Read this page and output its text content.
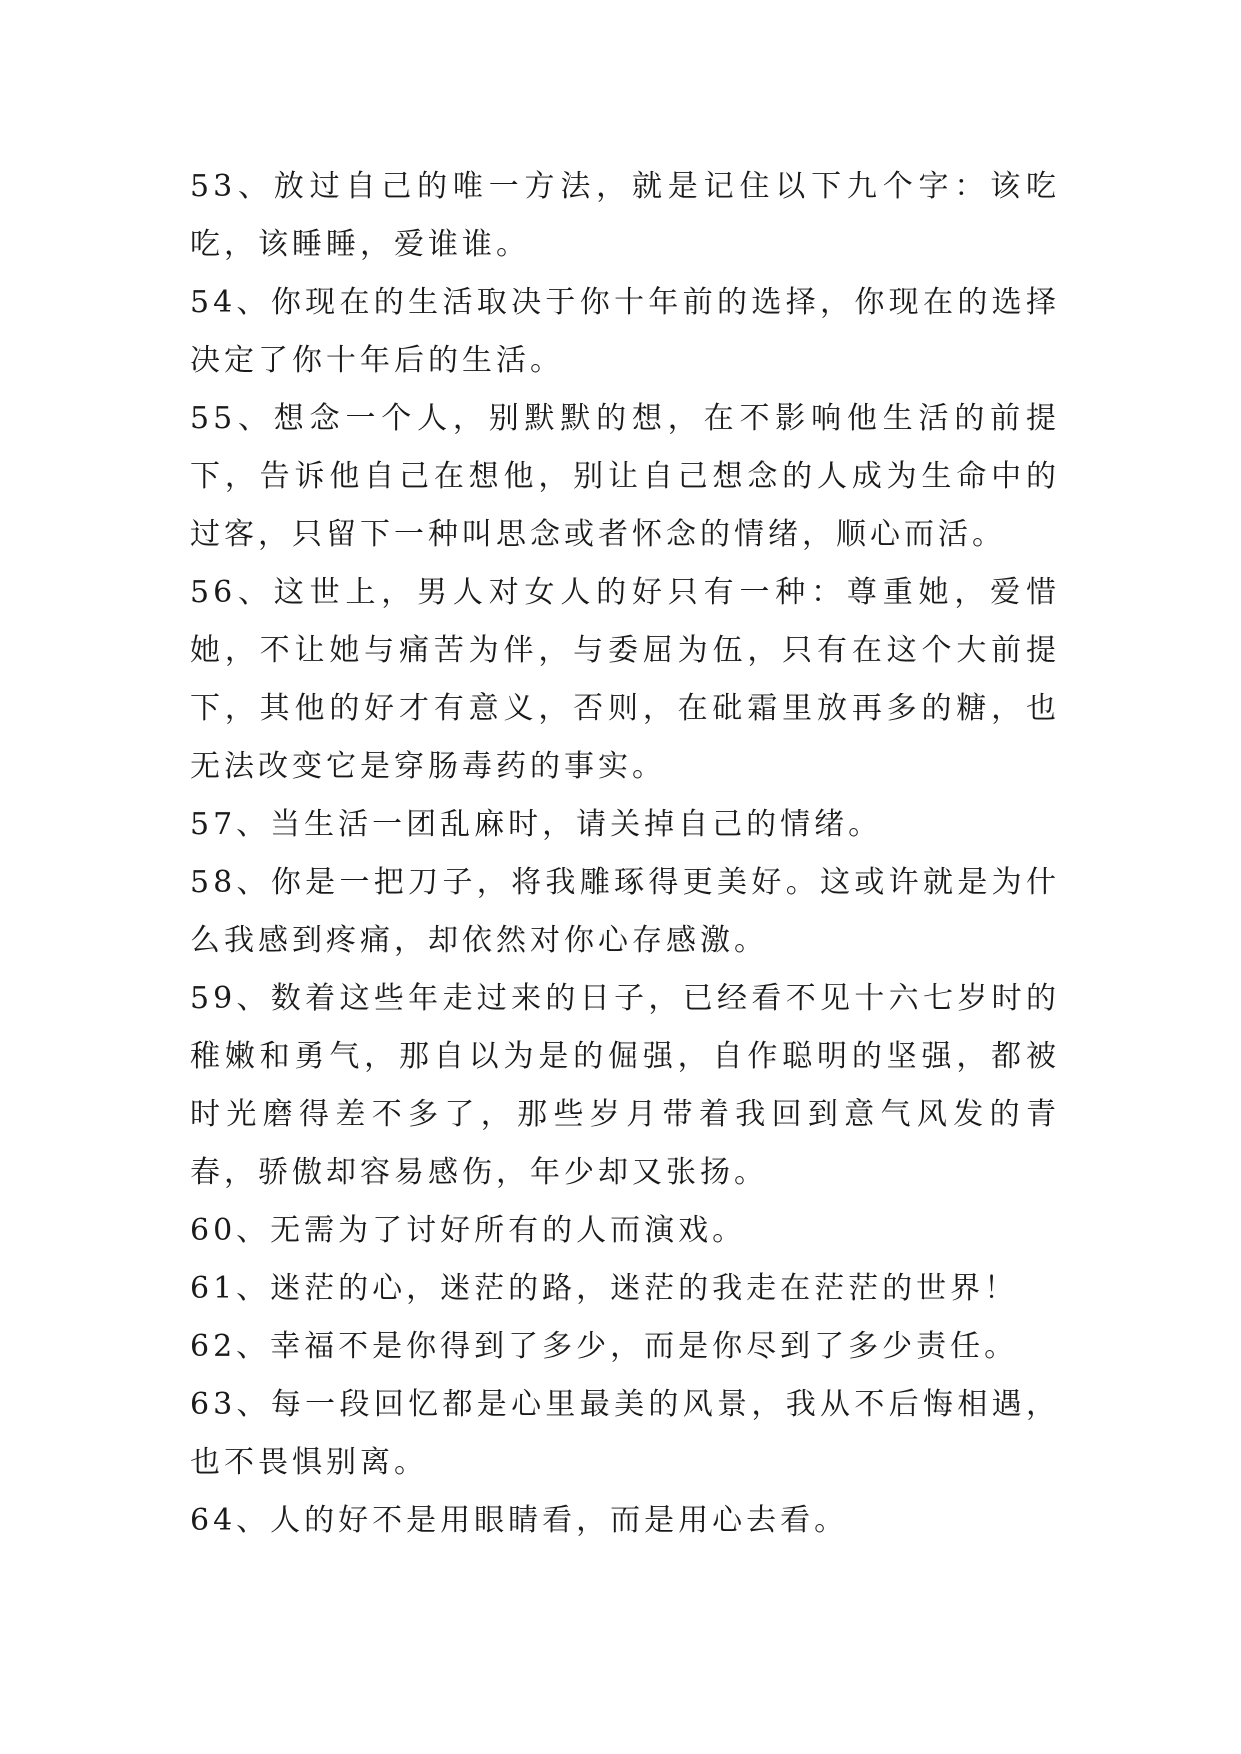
53、放过自己的唯一方法，就是记住以下九个字：该吃吃，该睡睡，爱谁谁。

54、你现在的生活取决于你十年前的选择，你现在的选择决定了你十年后的生活。

55、想念一个人，别默默的想，在不影响他生活的前提下，告诉他自己在想他，别让自己想念的人成为生命中的过客，只留下一种叫思念或者怀念的情绪，顺心而活。

56、这世上，男人对女人的好只有一种：尊重她，爱惜她，不让她与痛苦为伴，与委屈为伍，只有在这个大前提下，其他的好才有意义，否则，在砒霜里放再多的糖，也无法改变它是穿肠毒药的事实。

57、当生活一团乱麻时，请关掉自己的情绪。

58、你是一把刀子，将我雕琢得更美好。这或许就是为什么我感到疼痛，却依然对你心存感激。

59、数着这些年走过来的日子，已经看不见十六七岁时的稚嫩和勇气，那自以为是的倔强，自作聪明的坚强，都被时光磨得差不多了，那些岁月带着我回到意气风发的青春，骄傲却容易感伤，年少却又张扬。

60、无需为了讨好所有的人而演戏。

61、迷茫的心，迷茫的路，迷茫的我走在茫茫的世界！

62、幸福不是你得到了多少，而是你尽到了多少责任。

63、每一段回忆都是心里最美的风景，我从不后悔相遇，也不畏惧别离。

64、人的好不是用眼睛看，而是用心去看。
